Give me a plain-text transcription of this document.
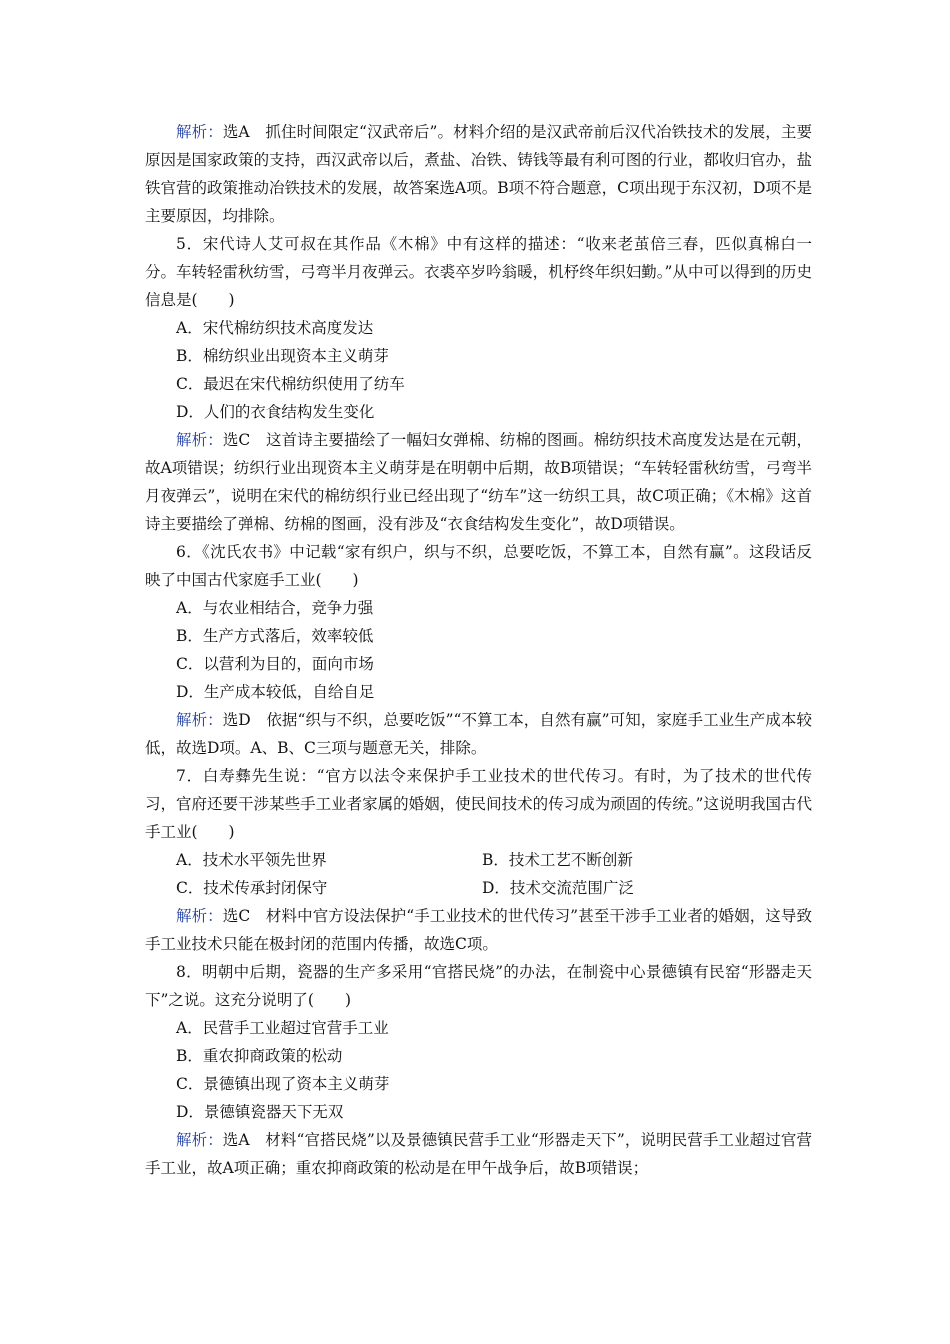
解析：选A　抓住时间限定“汉武帝后”。材料介绍的是汉武帝前后汉代冶铁技术的发展，主要原因是国家政策的支持，西汉武帝以后，煮盐、冶铁、铸钱等最有利可图的行业，都收归官办，盐铁官营的政策推动冶铁技术的发展，故答案选A项。B项不符合题意，C项出现于东汉初，D项不是主要原因，均排除。

5．宋代诗人艾可叔在其作品《木棉》中有这样的描述：“收来老茧倍三春，匹似真棉白一分。车转轻雷秋纺雪，弓弯半月夜弹云。衣裘卒岁吟翁暖，机杼终年织妇勤。”从中可以得到的历史信息是(　　)

A．宋代棉纺织技术高度发达

B．棉纺织业出现资本主义萌芽

C．最迟在宋代棉纺织使用了纺车

D．人们的衣食结构发生变化

解析：选C　这首诗主要描绘了一幅妇女弹棉、纺棉的图画。棉纺织技术高度发达是在元朝，故A项错误；纺织行业出现资本主义萌芽是在明朝中后期，故B项错误；“车转轻雷秋纺雪，弓弯半月夜弹云”，说明在宋代的棉纺织行业已经出现了“纺车”这一纺织工具，故C项正确；《木棉》这首诗主要描绘了弹棉、纺棉的图画，没有涉及“衣食结构发生变化”，故D项错误。

6．《沈氏农书》中记载“家有织户，织与不织，总要吃饭，不算工本，自然有赢”。这段话反映了中国古代家庭手工业(　　)

A．与农业相结合，竞争力强

B．生产方式落后，效率较低

C．以营利为目的，面向市场

D．生产成本较低，自给自足

解析：选D　依据“织与不织，总要吃饭”“不算工本，自然有赢”可知，家庭手工业生产成本较低，故选D项。A、B、C三项与题意无关，排除。

7．白寿彝先生说：“官方以法令来保护手工业技术的世代传习。有时，为了技术的世代传习，官府还要干涉某些手工业者家属的婚姻，使民间技术的传习成为顽固的传统。”这说明我国古代手工业(　　)

A．技术水平领先世界	B．技术工艺不断创新
C．技术传承封闭保守	D．技术交流范围广泛

解析：选C　材料中官方设法保护“手工业技术的世代传习”甚至干涉手工业者的婚姻，这导致手工业技术只能在极封闭的范围内传播，故选C项。

8．明朝中后期，瓷器的生产多采用“官搭民烧”的办法，在制瓷中心景德镇有民窑“形器走天下”之说。这充分说明了(　　)

A．民营手工业超过官营手工业

B．重农抑商政策的松动

C．景德镇出现了资本主义萌芽

D．景德镇瓷器天下无双

解析：选A　材料“官搭民烧”以及景德镇民营手工业“形器走天下”，说明民营手工业超过官营手工业，故A项正确；重农抑商政策的松动是在甲午战争后，故B项错误；
